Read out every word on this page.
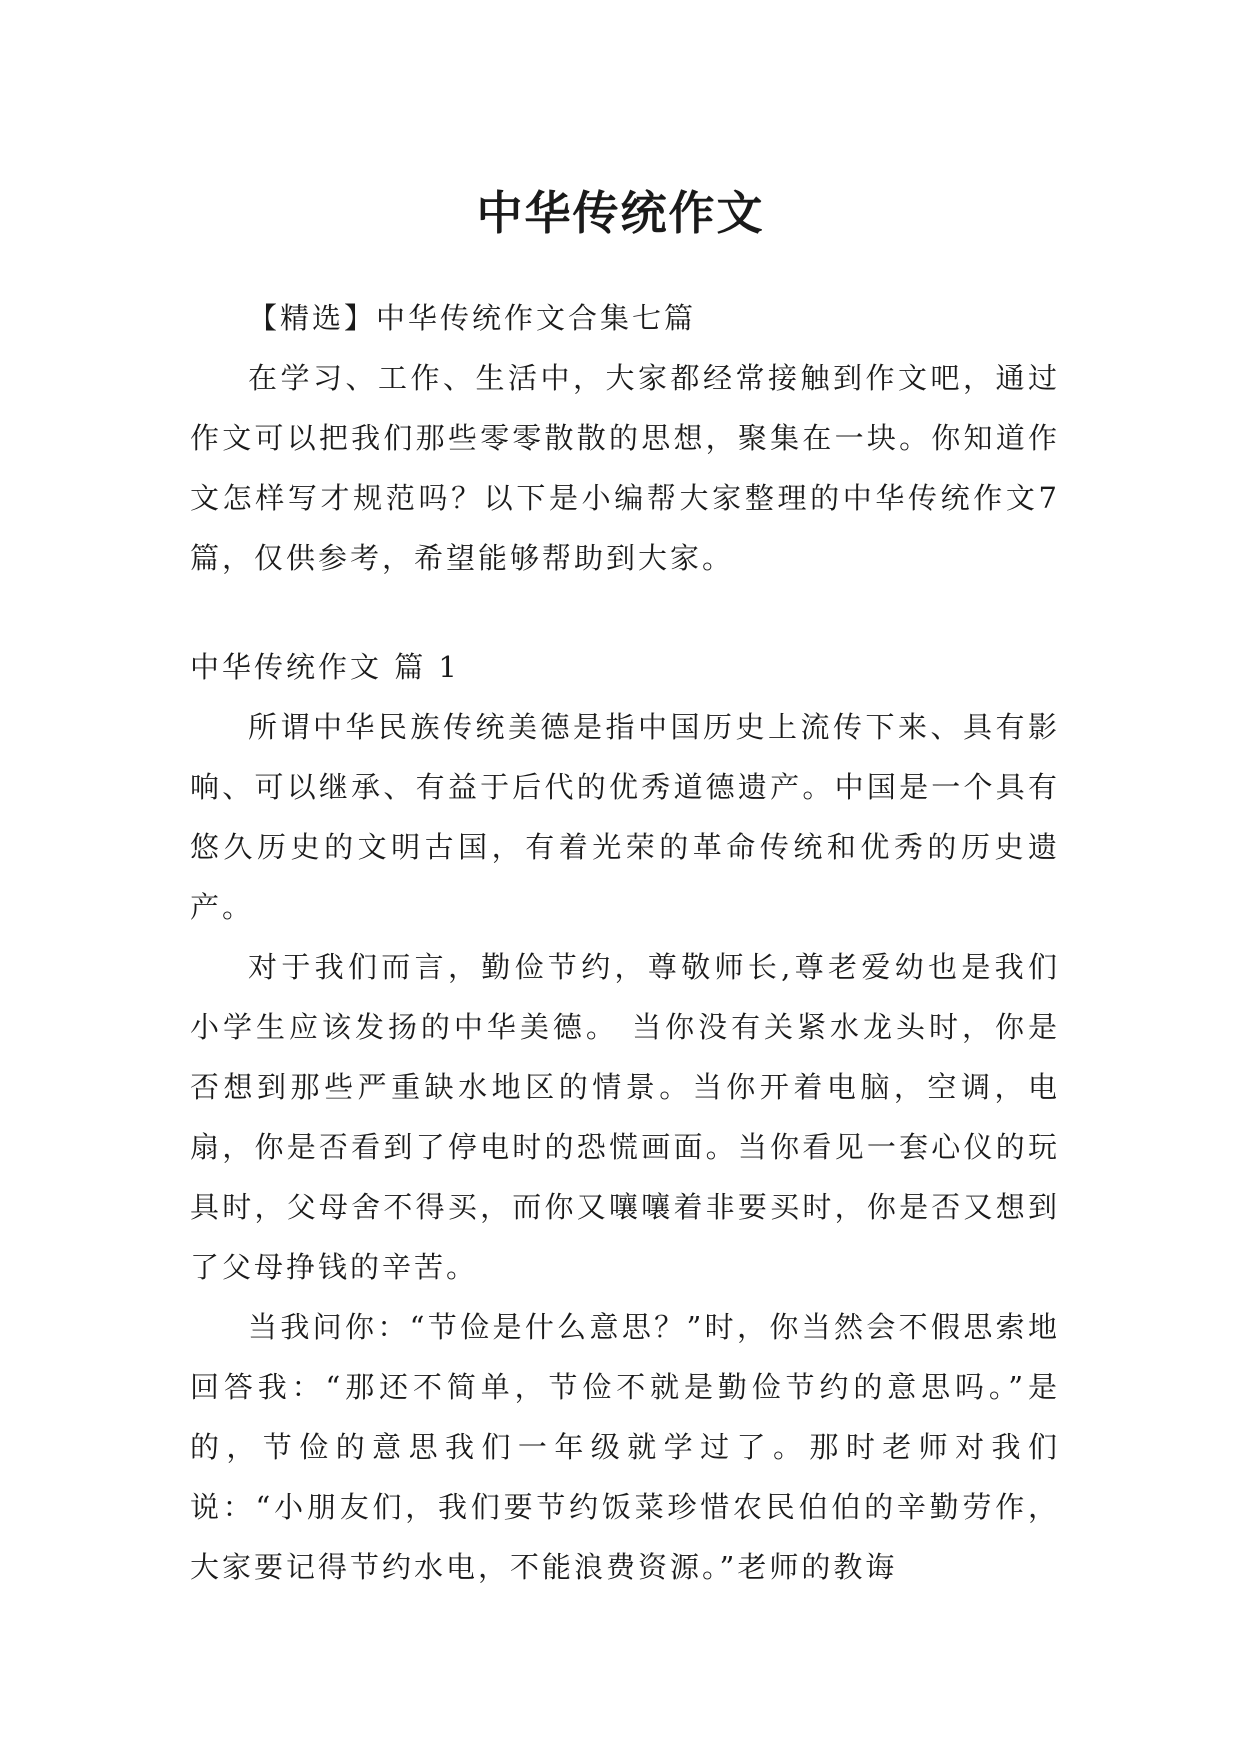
中华传统作文

【精选】中华传统作文合集七篇

在学习、工作、生活中，大家都经常接触到作文吧，通过作文可以把我们那些零零散散的思想，聚集在一块。你知道作文怎样写才规范吗？以下是小编帮大家整理的中华传统作文7篇，仅供参考，希望能够帮助到大家。

中华传统作文 篇 1

所谓中华民族传统美德是指中国历史上流传下来、具有影响、可以继承、有益于后代的优秀道德遗产。中国是一个具有悠久历史的文明古国，有着光荣的革命传统和优秀的历史遗产。

对于我们而言，勤俭节约，尊敬师长,尊老爱幼也是我们小学生应该发扬的中华美德。 当你没有关紧水龙头时，你是否想到那些严重缺水地区的情景。当你开着电脑，空调，电扇，你是否看到了停电时的恐慌画面。当你看见一套心仪的玩具时，父母舍不得买，而你又嚷嚷着非要买时，你是否又想到了父母挣钱的辛苦。

当我问你：“节俭是什么意思？”时，你当然会不假思索地回答我：“那还不简单，节俭不就是勤俭节约的意思吗。”是的，节俭的意思我们一年级就学过了。那时老师对我们说：“小朋友们，我们要节约饭菜珍惜农民伯伯的辛勤劳作，大家要记得节约水电，不能浪费资源。”老师的教诲
